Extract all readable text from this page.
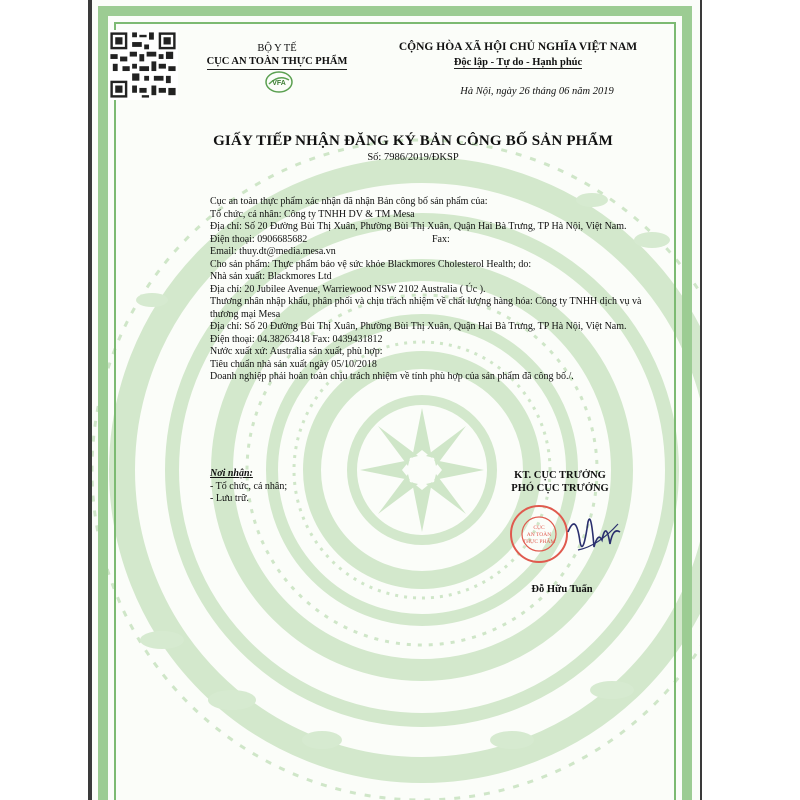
BỘ Y TẾ
CỤC AN TOÀN THỰC PHẨM
VFA
CỘNG HÒA XÃ HỘI CHỦ NGHĨA VIỆT NAM
Độc lập - Tự do - Hạnh phúc
Hà Nội, ngày 26 tháng 06 năm 2019
GIẤY TIẾP NHẬN ĐĂNG KÝ BẢN CÔNG BỐ SẢN PHẨM
Số: 7986/2019/ĐKSP

Cục an toàn thực phẩm xác nhận đã nhận Bản công bố sản phẩm của:

Tổ chức, cá nhân: Công ty TNHH DV & TM Mesa

Địa chỉ: Số 20 Đường Bùi Thị Xuân, Phường Bùi Thị Xuân, Quận Hai Bà Trưng, TP Hà Nội, Việt Nam.

Điện thoại: 0906685682	Fax:

Email: thuy.dt@media.mesa.vn

Cho sản phẩm: Thực phẩm bảo vệ sức khỏe Blackmores Cholesterol Health; do:

Nhà sản xuất: Blackmores Ltd

Địa chỉ: 20 Jubilee Avenue, Warriewood NSW 2102 Australia ( Úc ).

Thương nhân nhập khẩu, phân phối và chịu trách nhiệm về chất lượng hàng hóa: Công ty TNHH dịch vụ và thương mại Mesa

Địa chỉ: Số 20 Đường Bùi Thị Xuân, Phường Bùi Thị Xuân, Quận Hai Bà Trưng, TP Hà Nội, Việt Nam.

Điện thoại: 04.38263418 Fax: 0439431812

Nước xuất xứ: Australia sản xuất, phù hợp:

Tiêu chuẩn nhà sản xuất ngày 05/10/2018

Doanh nghiệp phải hoàn toàn chịu trách nhiệm về tính phù hợp của sản phẩm đã công bố./.

Nơi nhận:
- Tổ chức, cá nhân;
- Lưu trữ.
KT. CỤC TRƯỞNG
PHÓ CỤC TRƯỞNG
CỤC
AN TOÀN
THỰC PHẨM
Đỗ Hữu Tuấn
